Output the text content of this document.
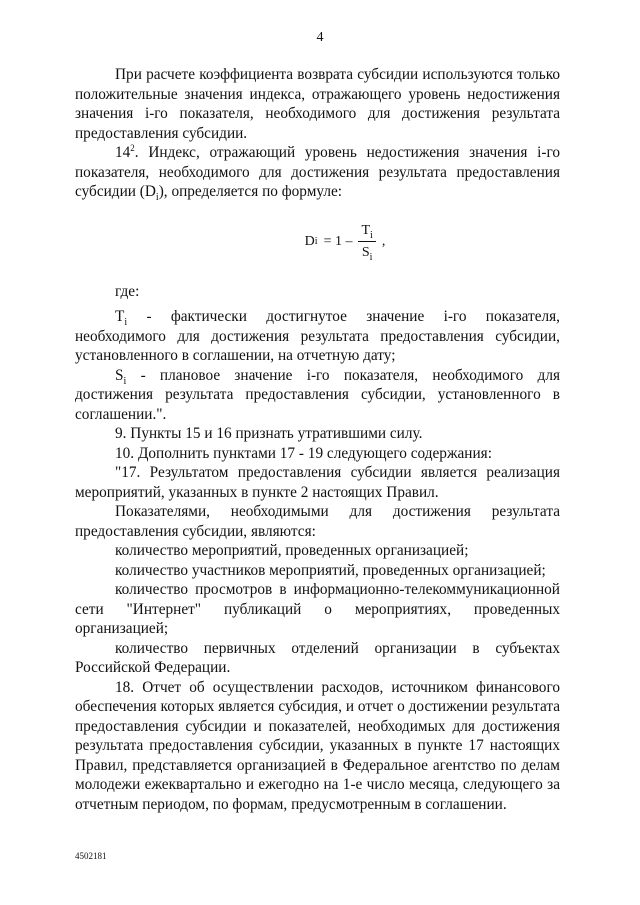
4

При расчете коэффициента возврата субсидии используются только положительные значения индекса, отражающего уровень недостижения значения i-го показателя, необходимого для достижения результата предоставления субсидии.

$14^2$. Индекс, отражающий уровень недостижения значения i-го показателя, необходимого для достижения результата предоставления субсидии $(D_i)$, определяется по формуле:

D $i = 1 - \frac{T_i}{S_i}$ ,

где:

$T_i$ - фактически достигнутое значение i-го показателя, необходимого для достижения результата предоставления субсидии, установленного в соглашении, на отчетную дату;

$S_i$ - плановое значение i-го показателя, необходимого для достижения результата предоставления субсидии, установленного в соглашении.".

9. Пункты 15 и 16 признать утратившими силу.

10. Дополнить пунктами 17 - 19 следующего содержания:

"17. Результатом предоставления субсидии является реализация мероприятий, указанных в пункте 2 настоящих Правил.

Показателями, необходимыми для достижения результата предоставления субсидии, являются:

количество мероприятий, проведенных организацией;

количество участников мероприятий, проведенных организацией;

количество просмотров в информационно-телекоммуникационной сети "Интернет" публикаций о мероприятиях, проведенных организацией;

количество первичных отделений организации в субъектах Российской Федерации.

18. Отчет об осуществлении расходов, источником финансового обеспечения которых является субсидия, и отчет о достижении результата предоставления субсидии и показателей, необходимых для достижения результата предоставления субсидии, указанных в пункте 17 настоящих Правил, представляется организацией в Федеральное агентство по делам молодежи ежеквартально и ежегодно на 1-е число месяца, следующего за отчетным периодом, по формам, предусмотренным в соглашении.

4502181
